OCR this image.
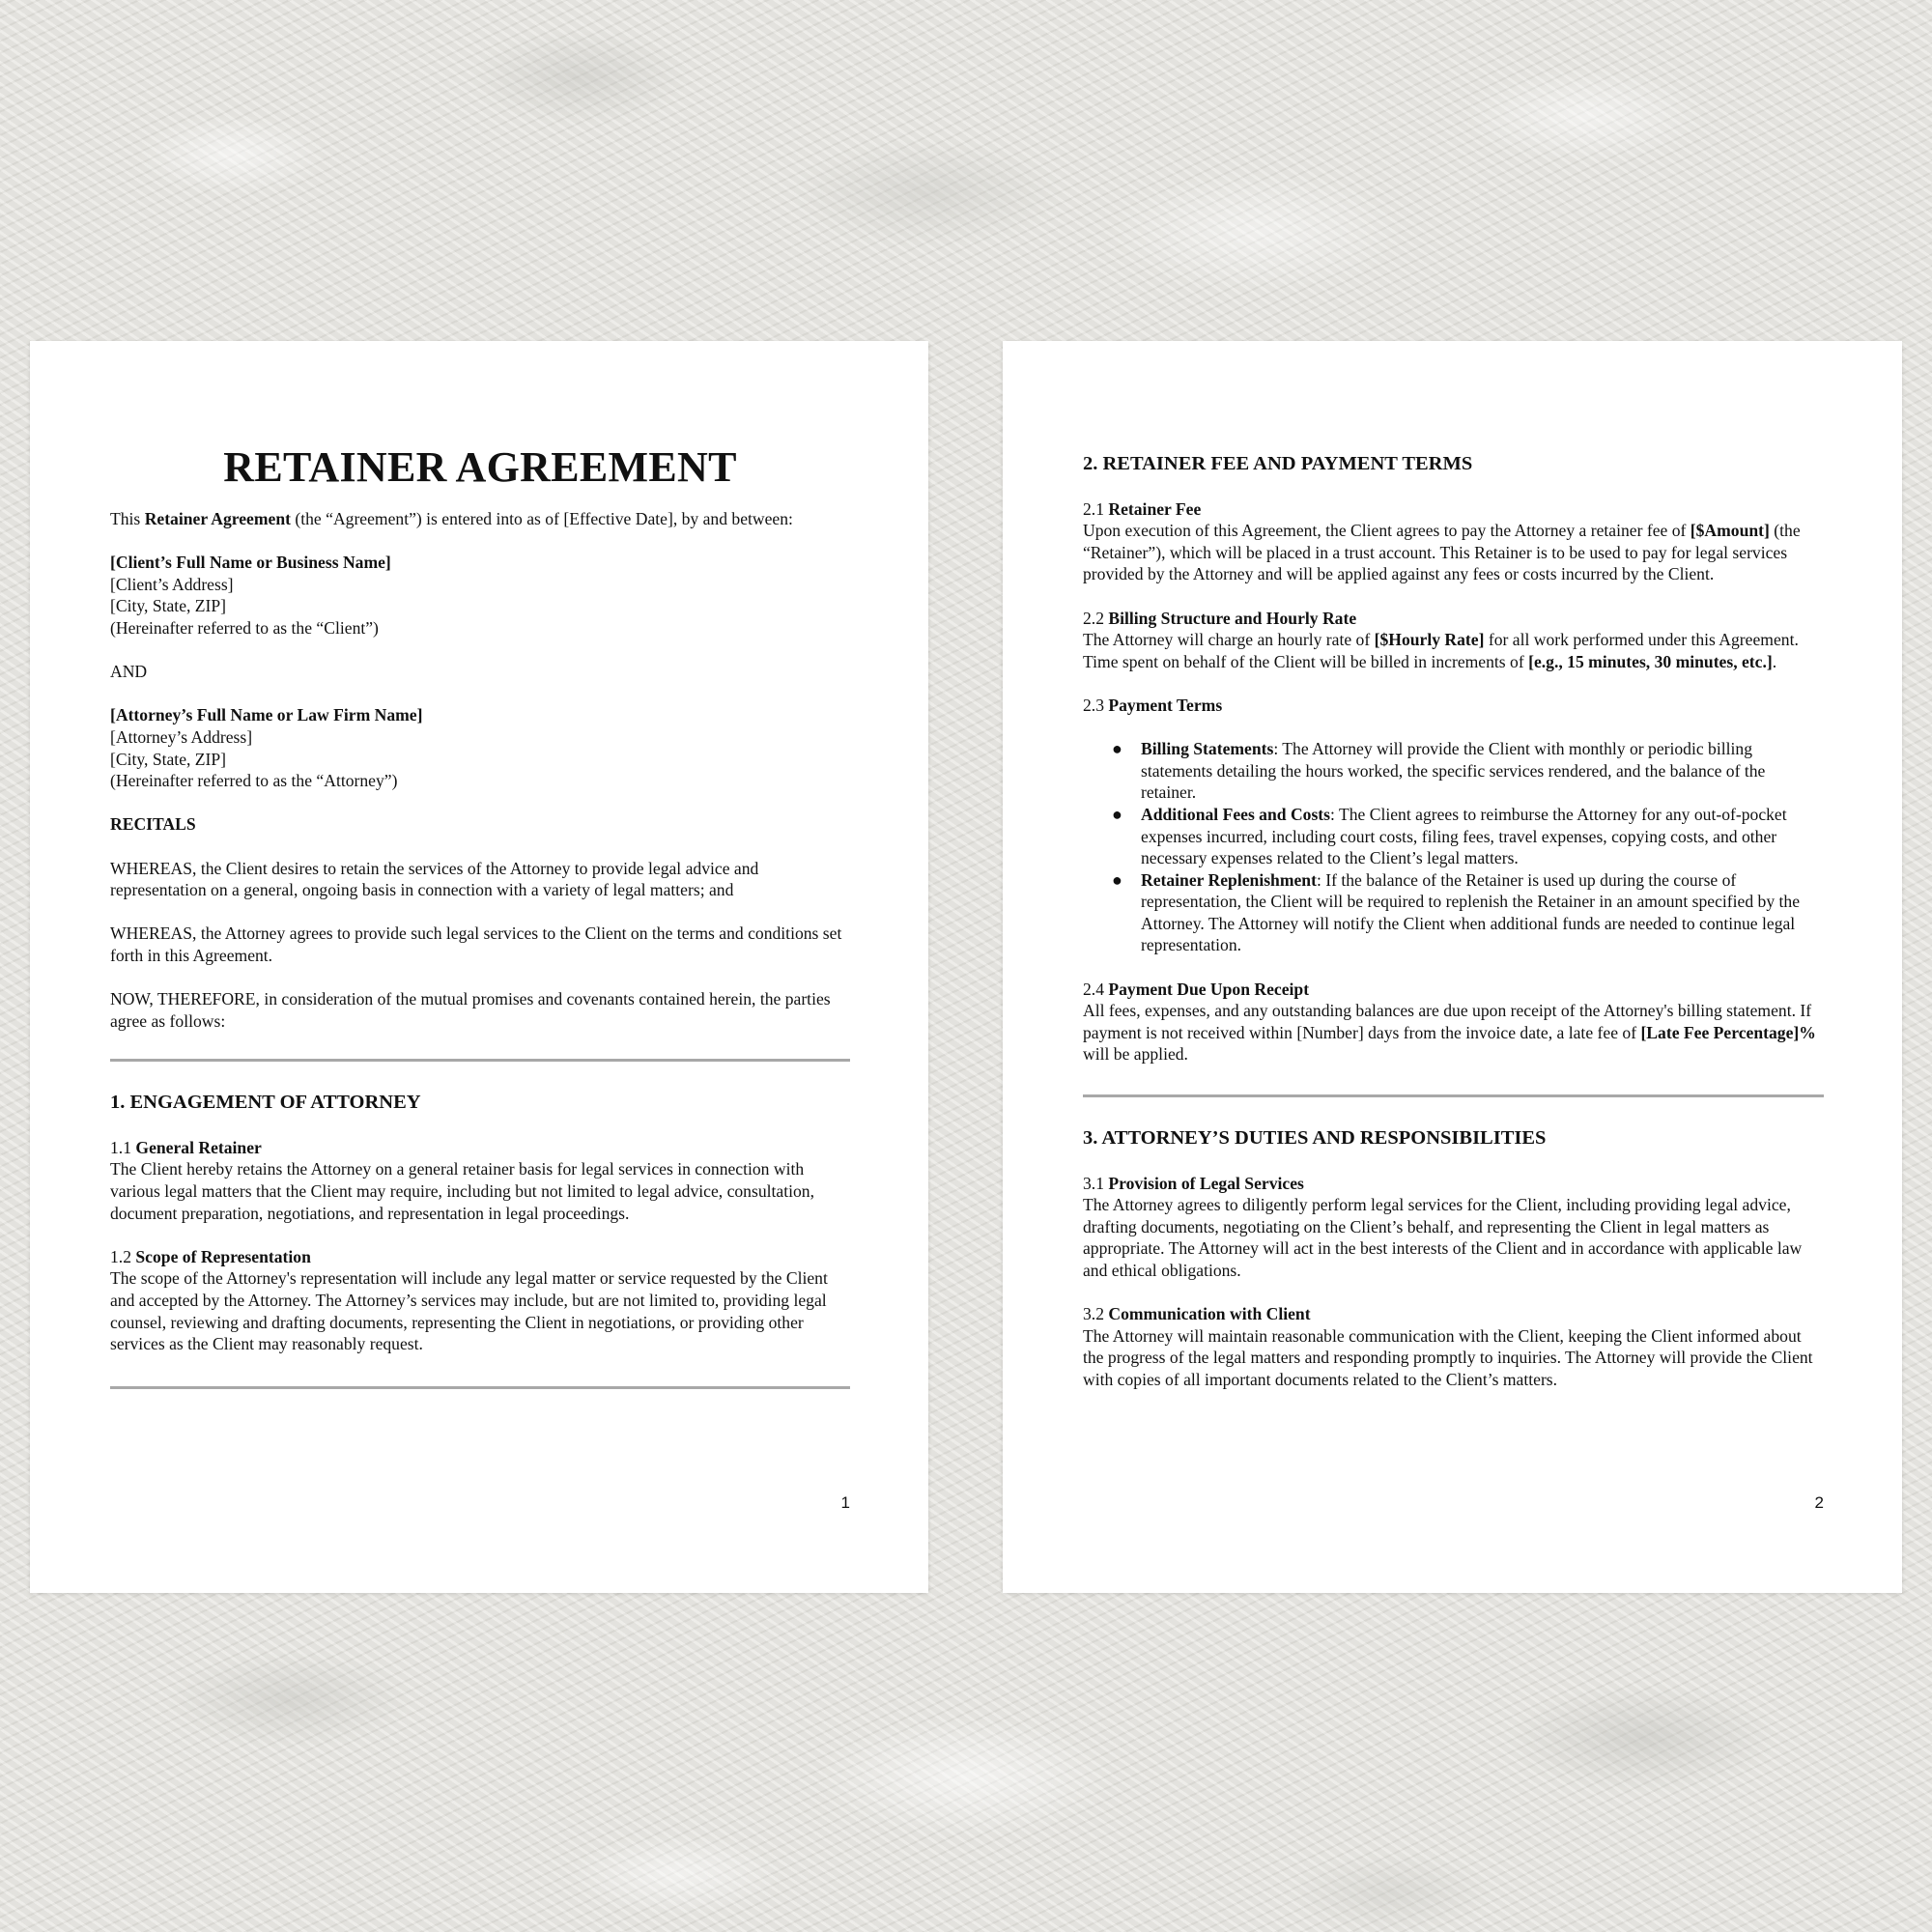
RETAINER AGREEMENT

This Retainer Agreement (the “Agreement”) is entered into as of [Effective Date], by and between:

[Client’s Full Name or Business Name]

[Client’s Address]

[City, State, ZIP]

(Hereinafter referred to as the “Client”)

AND

[Attorney’s Full Name or Law Firm Name]

[Attorney’s Address]

[City, State, ZIP]

(Hereinafter referred to as the “Attorney”)

RECITALS

WHEREAS, the Client desires to retain the services of the Attorney to provide legal advice and representation on a general, ongoing basis in connection with a variety of legal matters; and

WHEREAS, the Attorney agrees to provide such legal services to the Client on the terms and conditions set forth in this Agreement.

NOW, THEREFORE, in consideration of the mutual promises and covenants contained herein, the parties agree as follows:

1. ENGAGEMENT OF ATTORNEY

1.1 General Retainer

The Client hereby retains the Attorney on a general retainer basis for legal services in connection with various legal matters that the Client may require, including but not limited to legal advice, consultation, document preparation, negotiations, and representation in legal proceedings.

1.2 Scope of Representation

The scope of the Attorney's representation will include any legal matter or service requested by the Client and accepted by the Attorney. The Attorney’s services may include, but are not limited to, providing legal counsel, reviewing and drafting documents, representing the Client in negotiations, or providing other services as the Client may reasonably request.

1
2. RETAINER FEE AND PAYMENT TERMS

2.1 Retainer Fee

Upon execution of this Agreement, the Client agrees to pay the Attorney a retainer fee of [$Amount] (the “Retainer”), which will be placed in a trust account. This Retainer is to be used to pay for legal services provided by the Attorney and will be applied against any fees or costs incurred by the Client.

2.2 Billing Structure and Hourly Rate

The Attorney will charge an hourly rate of [$Hourly Rate] for all work performed under this Agreement. Time spent on behalf of the Client will be billed in increments of [e.g., 15 minutes, 30 minutes, etc.].

2.3 Payment Terms

● Billing Statements: The Attorney will provide the Client with monthly or periodic billing statements detailing the hours worked, the specific services rendered, and the balance of the retainer.
● Additional Fees and Costs: The Client agrees to reimburse the Attorney for any out-of-pocket expenses incurred, including court costs, filing fees, travel expenses, copying costs, and other necessary expenses related to the Client’s legal matters.
● Retainer Replenishment: If the balance of the Retainer is used up during the course of representation, the Client will be required to replenish the Retainer in an amount specified by the Attorney. The Attorney will notify the Client when additional funds are needed to continue legal representation.

2.4 Payment Due Upon Receipt

All fees, expenses, and any outstanding balances are due upon receipt of the Attorney's billing statement. If payment is not received within [Number] days from the invoice date, a late fee of [Late Fee Percentage]% will be applied.

3. ATTORNEY’S DUTIES AND RESPONSIBILITIES

3.1 Provision of Legal Services

The Attorney agrees to diligently perform legal services for the Client, including providing legal advice, drafting documents, negotiating on the Client’s behalf, and representing the Client in legal matters as appropriate. The Attorney will act in the best interests of the Client and in accordance with applicable law and ethical obligations.

3.2 Communication with Client

The Attorney will maintain reasonable communication with the Client, keeping the Client informed about the progress of the legal matters and responding promptly to inquiries. The Attorney will provide the Client with copies of all important documents related to the Client’s matters.

2
